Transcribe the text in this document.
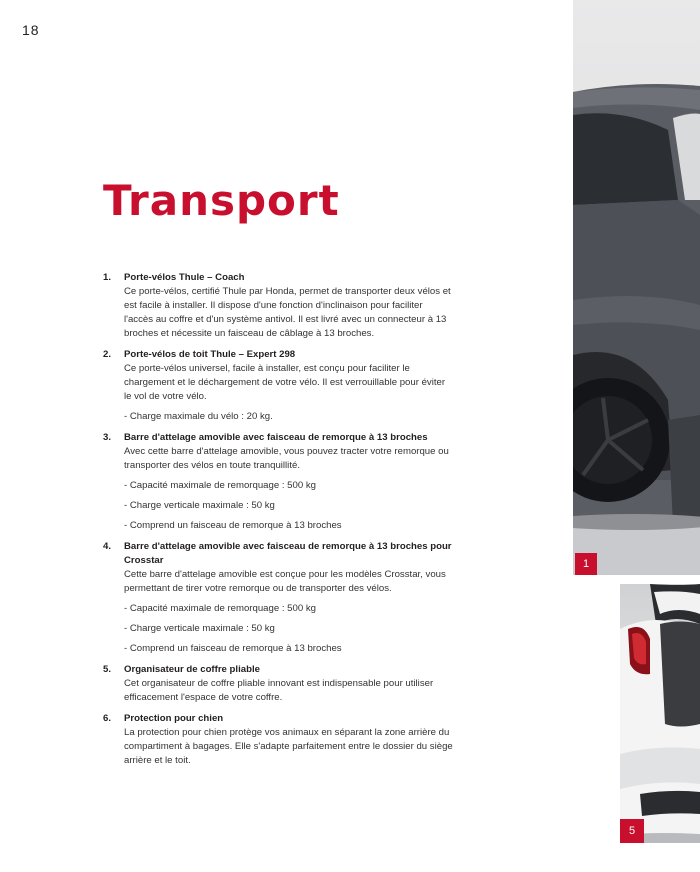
18
Transport
1. Porte-vélos Thule – Coach
Ce porte-vélos, certifié Thule par Honda, permet de transporter deux vélos et est facile à installer. Il dispose d'une fonction d'inclinaison pour faciliter l'accès au coffre et d'un système antivol. Il est livré avec un connecteur à 13 broches et nécessite un faisceau de câblage à 13 broches.
2. Porte-vélos de toit Thule – Expert 298
Ce porte-vélos universel, facile à installer, est conçu pour faciliter le chargement et le déchargement de votre vélo. Il est verrouillable pour éviter le vol de votre vélo.
- Charge maximale du vélo : 20 kg.
3. Barre d'attelage amovible avec faisceau de remorque à 13 broches
Avec cette barre d'attelage amovible, vous pouvez tracter votre remorque ou transporter des vélos en toute tranquillité.
- Capacité maximale de remorquage : 500 kg
- Charge verticale maximale : 50 kg
- Comprend un faisceau de remorque à 13 broches
4. Barre d'attelage amovible avec faisceau de remorque à 13 broches pour Crosstar
Cette barre d'attelage amovible est conçue pour les modèles Crosstar, vous permettant de tirer votre remorque ou de transporter des vélos.
- Capacité maximale de remorquage : 500 kg
- Charge verticale maximale : 50 kg
- Comprend un faisceau de remorque à 13 broches
5. Organisateur de coffre pliable
Cet organisateur de coffre pliable innovant est indispensable pour utiliser efficacement l'espace de votre coffre.
6. Protection pour chien
La protection pour chien protège vos animaux en séparant la zone arrière du compartiment à bagages. Elle s'adapte parfaitement entre le dossier du siège arrière et le toit.
1
5
